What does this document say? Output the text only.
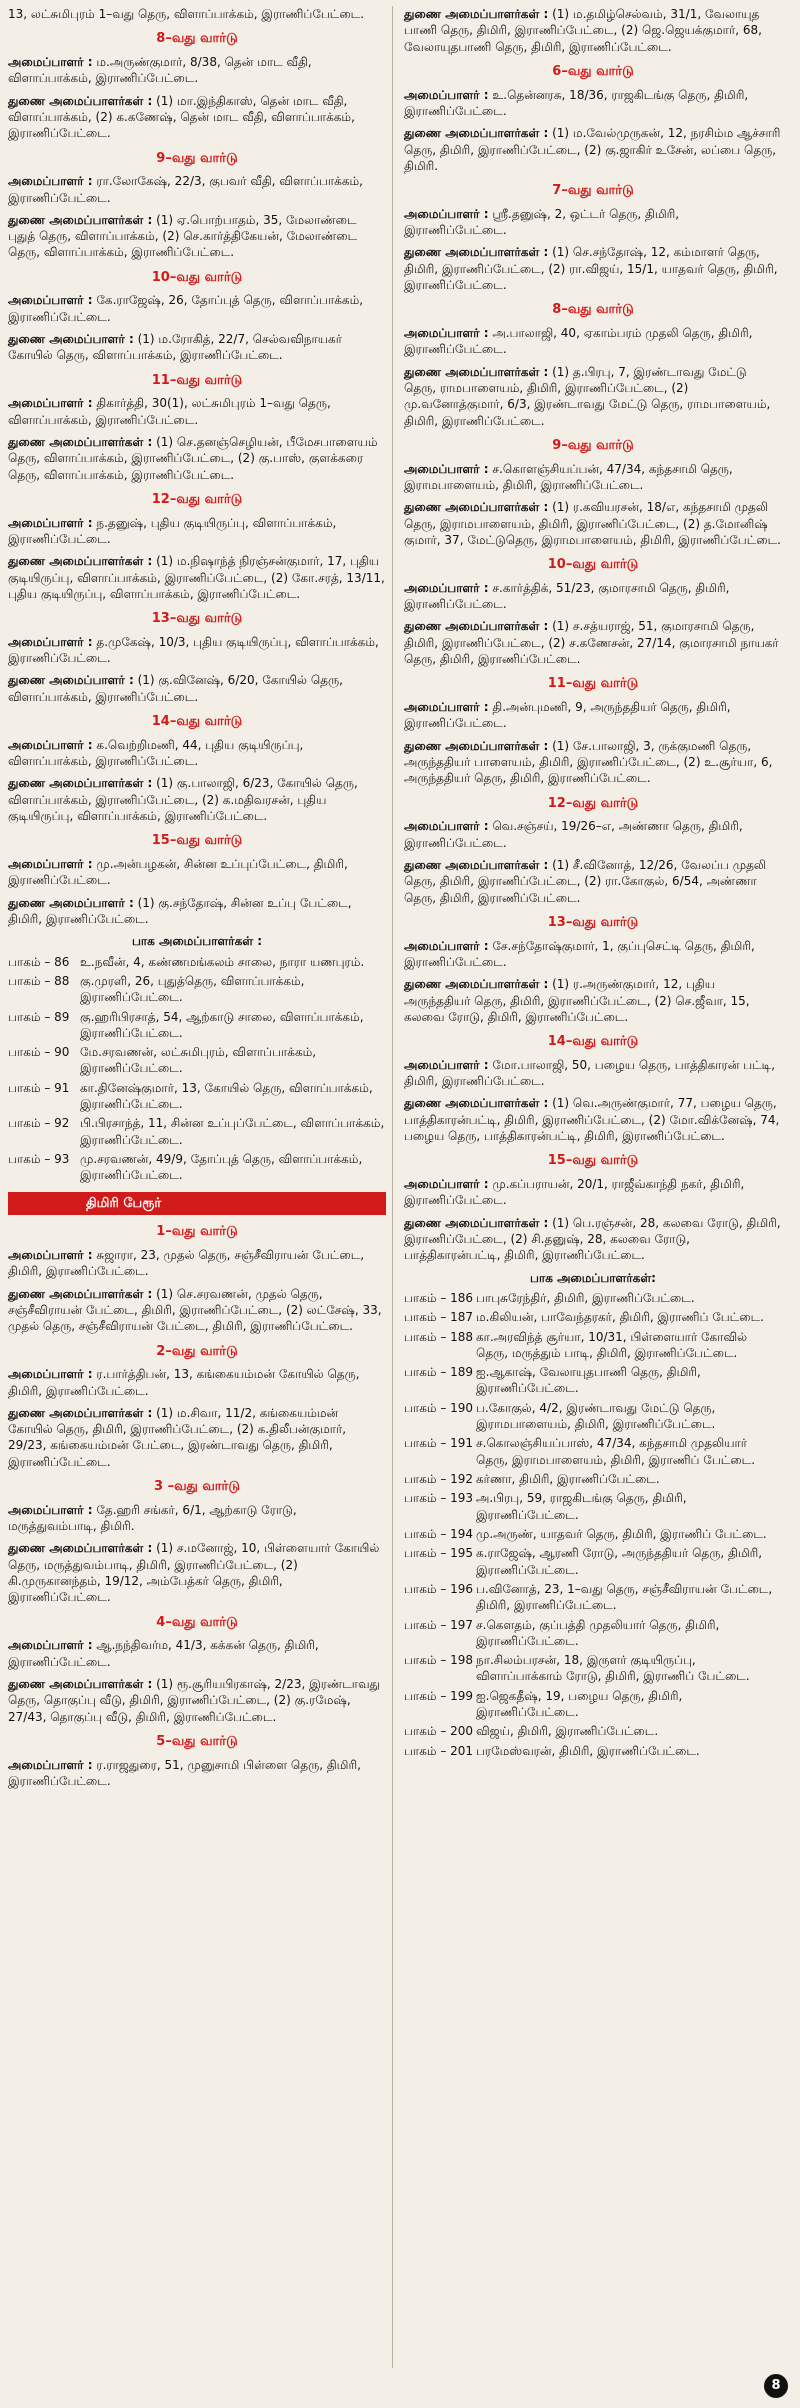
13, லட்சுமிபுரம் 1–வது தெரு, விளாப்பாக்கம், இராணிப்பேட்டை.

8–வது வார்டு

அமைப்பாளர் : ம.அருண்குமார், 8/38, தென் மாட வீதி, விளாப்பாக்கம், இராணிப்பேட்டை.

துணை அமைப்பாளர்கள் : (1) மா.இந்திகாஸ், தென் மாட வீதி, விளாப்பாக்கம், (2) க.கணேஷ், தென் மாட வீதி, விளாப்பாக்கம், இராணிப்பேட்டை.

9–வது வார்டு

அமைப்பாளர் : ரா.லோகேஷ், 22/3, குபவர் வீதி, விளாப்பாக்கம், இராணிப்பேட்டை.

துணை அமைப்பாளர்கள் : (1) ஏ.பொற்பாதம், 35, மேலாண்டை புதுத் தெரு, விளாப்பாக்கம், (2) செ.கார்த்திகேயன், மேலாண்டை தெரு, விளாப்பாக்கம், இராணிப்பேட்டை.

10–வது வார்டு

அமைப்பாளர் : கே.ராஜேஷ், 26, தோப்புத் தெரு, விளாப்பாக்கம், இராணிப்பேட்டை.

துணை அமைப்பாளர் : (1) ம.ரோகித், 22/7, செல்வவிநாயகர் கோயில் தெரு, விளாப்பாக்கம், இராணிப்பேட்டை.

11–வது வார்டு

அமைப்பாளர் : திகார்த்தி, 30(1), லட்சுமிபுரம் 1–வது தெரு, விளாப்பாக்கம், இராணிப்பேட்டை.

துணை அமைப்பாளர்கள் : (1) செ.தனஞ்செழியன், பீமேசபாளையம் தெரு, விளாப்பாக்கம், இராணிப்பேட்டை, (2) கு.பாஸ், குளக்கரை தெரு, விளாப்பாக்கம், இராணிப்பேட்டை.

12–வது வார்டு

அமைப்பாளர் : ந.தனுஷ், புதிய குடியிருப்பு, விளாப்பாக்கம், இராணிப்பேட்டை.

துணை அமைப்பாளர்கள் : (1) ம.நிஷாந்த் நிரஞ்சன்குமார், 17, புதிய குடியிருப்பு, விளாப்பாக்கம், இராணிப்பேட்டை, (2) கோ.சரத், 13/11, புதிய குடியிருப்பு, விளாப்பாக்கம், இராணிப்பேட்டை.

13–வது வார்டு

அமைப்பாளர் : த.முகேஷ், 10/3, புதிய குடியிருப்பு, விளாப்பாக்கம், இராணிப்பேட்டை.

துணை அமைப்பாளர் : (1) கு.வினேஷ், 6/20, கோயில் தெரு, விளாப்பாக்கம், இராணிப்பேட்டை.

14–வது வார்டு

அமைப்பாளர் : க.வெற்றிமணி, 44, புதிய குடியிருப்பு, விளாப்பாக்கம், இராணிப்பேட்டை.

துணை அமைப்பாளர்கள் : (1) கு.பாலாஜி, 6/23, கோயில் தெரு, விளாப்பாக்கம், இராணிப்பேட்டை, (2) க.மதிவரசன், புதிய குடியிருப்பு, விளாப்பாக்கம், இராணிப்பேட்டை.

15–வது வார்டு

அமைப்பாளர் : மு.அன்பழகன், சின்ன உப்புப்பேட்டை, திமிரி, இராணிப்பேட்டை.

துணை அமைப்பாளர் : (1) கு.சந்தோஷ், சின்ன உப்பு பேட்டை, திமிரி, இராணிப்பேட்டை.

பாக அமைப்பாளர்கள் :
பாகம் – 86 உ.நவீன், 4, கண்ணமங்கலம் சாலை, நாரா யணபுரம்.
பாகம் – 88 கு.முரளி, 26, புதுத்தெரு, விளாப்பாக்கம், இராணிப்பேட்டை.
பாகம் – 89 கு.ஹரிபிரசாத், 54, ஆற்காடு சாலை, விளாப்பாக்கம், இராணிப்பேட்டை.
பாகம் – 90 மே.சரவணன், லட்சுமிபுரம், விளாப்பாக்கம், இராணிப்பேட்டை.
பாகம் – 91 கா.தினேஷ்குமார், 13, கோயில் தெரு, விளாப்பாக்கம், இராணிப்பேட்டை.
பாகம் – 92 பி.பிரசாந்த், 11, சின்ன உப்புப்பேட்டை, விளாப்பாக்கம், இராணிப்பேட்டை.
பாகம் – 93 மு.சரவணன், 49/9, தோப்புத் தெரு, விளாப்பாக்கம், இராணிப்பேட்டை.
திமிரி பேரூர்
1–வது வார்டு

அமைப்பாளர் : சுஜாரா, 23, முதல் தெரு, சஞ்சீவிராயன் பேட்டை, திமிரி, இராணிப்பேட்டை.

துணை அமைப்பாளர்கள் : (1) செ.சரவணன், முதல் தெரு, சஞ்சீவிராயன் பேட்டை, திமிரி, இராணிப்பேட்டை, (2) லட்சேஷ், 33, முதல் தெரு, சஞ்சீவிராயன் பேட்டை, திமிரி, இராணிப்பேட்டை.

2–வது வார்டு

அமைப்பாளர் : ர.பார்த்திபன், 13, கங்கையம்மன் கோயில் தெரு, திமிரி, இராணிப்பேட்டை.

துணை அமைப்பாளர்கள் : (1) ம.சிவா, 11/2, கங்கையம்மன் கோயில் தெரு, திமிரி, இராணிப்பேட்டை, (2) க.திலீபன்குமார், 29/23, கங்கையம்மன் பேட்டை, இரண்டாவது தெரு, திமிரி, இராணிப்பேட்டை.

3 –வது வார்டு

அமைப்பாளர் : தே.ஹரி சங்கர், 6/1, ஆற்காடு ரோடு, மருத்துவம்பாடி, திமிரி.

துணை அமைப்பாளர்கள் : (1) ச.மனோஜ், 10, பிள்ளையார் கோயில் தெரு, மருத்துவம்பாடி, திமிரி, இராணிப்பேட்டை, (2) கி.முருகானந்தம், 19/12, அம்பேத்கர் தெரு, திமிரி, இராணிப்பேட்டை.

4–வது வார்டு

அமைப்பாளர் : ஆ.நந்திவர்ம, 41/3, கக்கன் தெரு, திமிரி, இராணிப்பேட்டை.

துணை அமைப்பாளர்கள் : (1) ரூ.சூரியபிரகாஷ், 2/23, இரண்டாவது தெரு, தொகுப்பு வீடு, திமிரி, இராணிப்பேட்டை, (2) கு.ரமேஷ், 27/43, தொகுப்பு வீடு, திமிரி, இராணிப்பேட்டை.

5–வது வார்டு

அமைப்பாளர் : ர.ராஜதுரை, 51, முனுசாமி பிள்ளை தெரு, திமிரி, இராணிப்பேட்டை.

துணை அமைப்பாளர்கள் : (1) ம.தமிழ்செல்வம், 31/1, வேலாயுத பாணி தெரு, திமிரி, இராணிப்பேட்டை, (2) ஜெ.ஜெயக்குமார், 68, வேலாயுதபாணி தெரு, திமிரி, இராணிப்பேட்டை.

6–வது வார்டு

அமைப்பாளர் : உ.தென்னரசு, 18/36, ராஜகிடங்கு தெரு, திமிரி, இராணிப்பேட்டை.

துணை அமைப்பாளர்கள் : (1) ம.வேல்முருகன், 12, நரசிம்ம ஆச்சாரி தெரு, திமிரி, இராணிப்பேட்டை, (2) கு.ஜாகிர் உசேன், லப்பை தெரு, திமிரி.

7–வது வார்டு

அமைப்பாளர் : ஸ்ரீ.தனுஷ், 2, ஒட்டர் தெரு, திமிரி, இராணிப்பேட்டை.

துணை அமைப்பாளர்கள் : (1) செ.சந்தோஷ், 12, கம்மாளர் தெரு, திமிரி, இராணிப்பேட்டை, (2) ரா.விஜய், 15/1, யாதவர் தெரு, திமிரி, இராணிப்பேட்டை.

8–வது வார்டு

அமைப்பாளர் : அ.பாலாஜி, 40, ஏகாம்பரம் முதலி தெரு, திமிரி, இராணிப்பேட்டை.

துணை அமைப்பாளர்கள் : (1) த.பிரபு, 7, இரண்டாவது மேட்டு தெரு, ராமபாளையம், திமிரி, இராணிப்பேட்டை, (2) மு.வனோத்குமார், 6/3, இரண்டாவது மேட்டு தெரு, ராமபாளையம், திமிரி, இராணிப்பேட்டை.

9–வது வார்டு

அமைப்பாளர் : ச.கொளஞ்சியப்பன், 47/34, கந்தசாமி தெரு, இராமபாளையம், திமிரி, இராணிப்பேட்டை.

துணை அமைப்பாளர்கள் : (1) ர.கவியரசன், 18/எ, கந்தசாமி முதலி தெரு, இராமபாளையம், திமிரி, இராணிப்பேட்டை, (2) த.மோனிஷ் குமார், 37, மேட்டுதெரு, இராமபாளையம், திமிரி, இராணிப்பேட்டை.

10–வது வார்டு

அமைப்பாளர் : ச.கார்த்திக், 51/23, குமாரசாமி தெரு, திமிரி, இராணிப்பேட்டை.

துணை அமைப்பாளர்கள் : (1) ச.சத்யராஜ், 51, குமாரசாமி தெரு, திமிரி, இராணிப்பேட்டை, (2) ச.கணேசன், 27/14, குமாரசாமி நாயகர் தெரு, திமிரி, இராணிப்பேட்டை.

11–வது வார்டு

அமைப்பாளர் : தி.அன்புமணி, 9, அருந்ததியர் தெரு, திமிரி, இராணிப்பேட்டை.

துணை அமைப்பாளர்கள் : (1) சே.பாலாஜி, 3, ருக்குமணி தெரு, அருந்ததியர் பாளையம், திமிரி, இராணிப்பேட்டை, (2) உ.சூர்யா, 6, அருந்ததியர் தெரு, திமிரி, இராணிப்பேட்டை.

12–வது வார்டு

அமைப்பாளர் : வெ.சஞ்சய், 19/26–எ, அண்ணா தெரு, திமிரி, இராணிப்பேட்டை.

துணை அமைப்பாளர்கள் : (1) சீ.வினோத், 12/26, வேலப்ப முதலி தெரு, திமிரி, இராணிப்பேட்டை, (2) ரா.கோகுல், 6/54, அண்ணா தெரு, திமிரி, இராணிப்பேட்டை.

13–வது வார்டு

அமைப்பாளர் : சே.சந்தோஷ்குமார், 1, குப்புசெட்டி தெரு, திமிரி, இராணிப்பேட்டை.

துணை அமைப்பாளர்கள் : (1) ர.அருண்குமார், 12, புதிய அருந்ததியர் தெரு, திமிரி, இராணிப்பேட்டை, (2) செ.ஜீவா, 15, கலவை ரோடு, திமிரி, இராணிப்பேட்டை.

14–வது வார்டு

அமைப்பாளர் : மோ.பாலாஜி, 50, பழைய தெரு, பாத்திகாரன் பட்டி, திமிரி, இராணிப்பேட்டை.

துணை அமைப்பாளர்கள் : (1) வெ.அருண்குமார், 77, பழைய தெரு, பாத்திகாரன்பட்டி, திமிரி, இராணிப்பேட்டை, (2) மோ.விக்னேஷ், 74, பழைய தெரு, பாத்திகாரன்பட்டி, திமிரி, இராணிப்பேட்டை.

15–வது வார்டு

அமைப்பாளர் : மு.கப்பராயன், 20/1, ராஜீவ்காந்தி நகர், திமிரி, இராணிப்பேட்டை.

துணை அமைப்பாளர்கள் : (1) பெ.ரஞ்சன், 28, கலவை ரோடு, திமிரி, இராணிப்பேட்டை, (2) சி.தனுஷ், 28, கலவை ரோடு, பாத்திகாரன்பட்டி, திமிரி, இராணிப்பேட்டை.

பாக அமைப்பாளர்கள்:
பாகம் – 186 பாபுசுரேந்திர், திமிரி, இராணிப்பேட்டை.
பாகம் – 187 ம.கிலியன், பாவேந்தரகர், திமிரி, இராணிப் பேட்டை.
பாகம் – 188 கா.அரவிந்த் சூர்யா, 10/31, பிள்ளையார் கோவில் தெரு, மருத்தும் பாடி, திமிரி, இராணிப்பேட்டை.
பாகம் – 189 ஐ.ஆகாஷ், வேலாயுதபாணி தெரு, திமிரி, இராணிப்பேட்டை.
பாகம் – 190 ப.கோகுல், 4/2, இரண்டாவது மேட்டு தெரு, இராமபாளையம், திமிரி, இராணிப்பேட்டை.
பாகம் – 191 ச.கொலஞ்சியப்பாஸ், 47/34, கந்தசாமி முதலியார் தெரு, இராமபாளையம், திமிரி, இராணிப் பேட்டை.
பாகம் – 192 கர்ணா, திமிரி, இராணிப்பேட்டை.
பாகம் – 193 அ.பிரபு, 59, ராஜகிடங்கு தெரு, திமிரி, இராணிப்பேட்டை.
பாகம் – 194 மு.அருண், யாதவர் தெரு, திமிரி, இராணிப் பேட்டை.
பாகம் – 195 க.ராஜேஷ், ஆரணி ரோடு, அருந்ததியர் தெரு, திமிரி, இராணிப்பேட்டை.
பாகம் – 196 ப.வினோத், 23, 1–வது தெரு, சஞ்சீவிராயன் பேட்டை, திமிரி, இராணிப்பேட்டை.
பாகம் – 197 ச.கௌதம், குப்பத்தி முதலியார் தெரு, திமிரி, இராணிப்பேட்டை.
பாகம் – 198 நா.சிலம்பரசன், 18, இருளர் குடியிருப்பு, விளாப்பாக்காம் ரோடு, திமிரி, இராணிப் பேட்டை.
பாகம் – 199 ஐ.ஜெகதீஷ், 19, பழைய தெரு, திமிரி, இராணிப்பேட்டை.
பாகம் – 200 விஜய், திமிரி, இராணிப்பேட்டை.
பாகம் – 201 பரமேஸ்வரன், திமிரி, இராணிப்பேட்டை.
8
